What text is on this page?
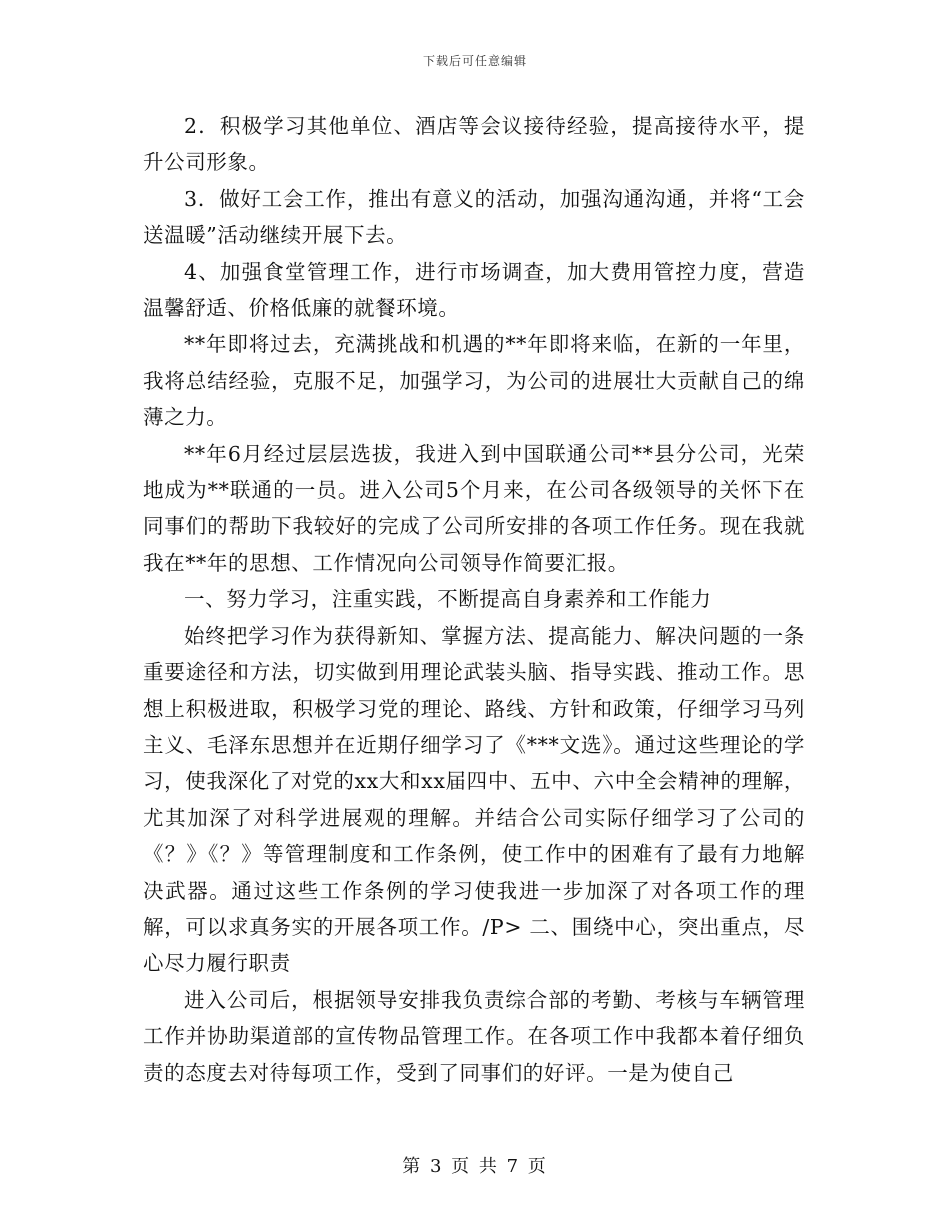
下载后可任意编辑

2．积极学习其他单位、酒店等会议接待经验，提高接待水平，提升公司形象。

3．做好工会工作，推出有意义的活动，加强沟通沟通，并将“工会送温暖”活动继续开展下去。

4、加强食堂管理工作，进行市场调查，加大费用管控力度，营造温馨舒适、价格低廉的就餐环境。

**年即将过去，充满挑战和机遇的**年即将来临，在新的一年里，我将总结经验，克服不足，加强学习，为公司的进展壮大贡献自己的绵薄之力。

**年6月经过层层选拔，我进入到中国联通公司**县分公司，光荣地成为**联通的一员。进入公司5个月来，在公司各级领导的关怀下在同事们的帮助下我较好的完成了公司所安排的各项工作任务。现在我就我在**年的思想、工作情况向公司领导作简要汇报。

一、努力学习，注重实践，不断提高自身素养和工作能力

始终把学习作为获得新知、掌握方法、提高能力、解决问题的一条重要途径和方法，切实做到用理论武装头脑、指导实践、推动工作。思想上积极进取，积极学习党的理论、路线、方针和政策，仔细学习马列主义、毛泽东思想并在近期仔细学习了《***文选》。通过这些理论的学习，使我深化了对党的xx大和xx届四中、五中、六中全会精神的理解，尤其加深了对科学进展观的理解。并结合公司实际仔细学习了公司的《？》《？》等管理制度和工作条例，使工作中的困难有了最有力地解决武器。通过这些工作条例的学习使我进一步加深了对各项工作的理解，可以求真务实的开展各项工作。/P> 二、围绕中心，突出重点，尽心尽力履行职责

进入公司后，根据领导安排我负责综合部的考勤、考核与车辆管理工作并协助渠道部的宣传物品管理工作。在各项工作中我都本着仔细负责的态度去对待每项工作，受到了同事们的好评。一是为使自己

第 3 页 共 7 页
